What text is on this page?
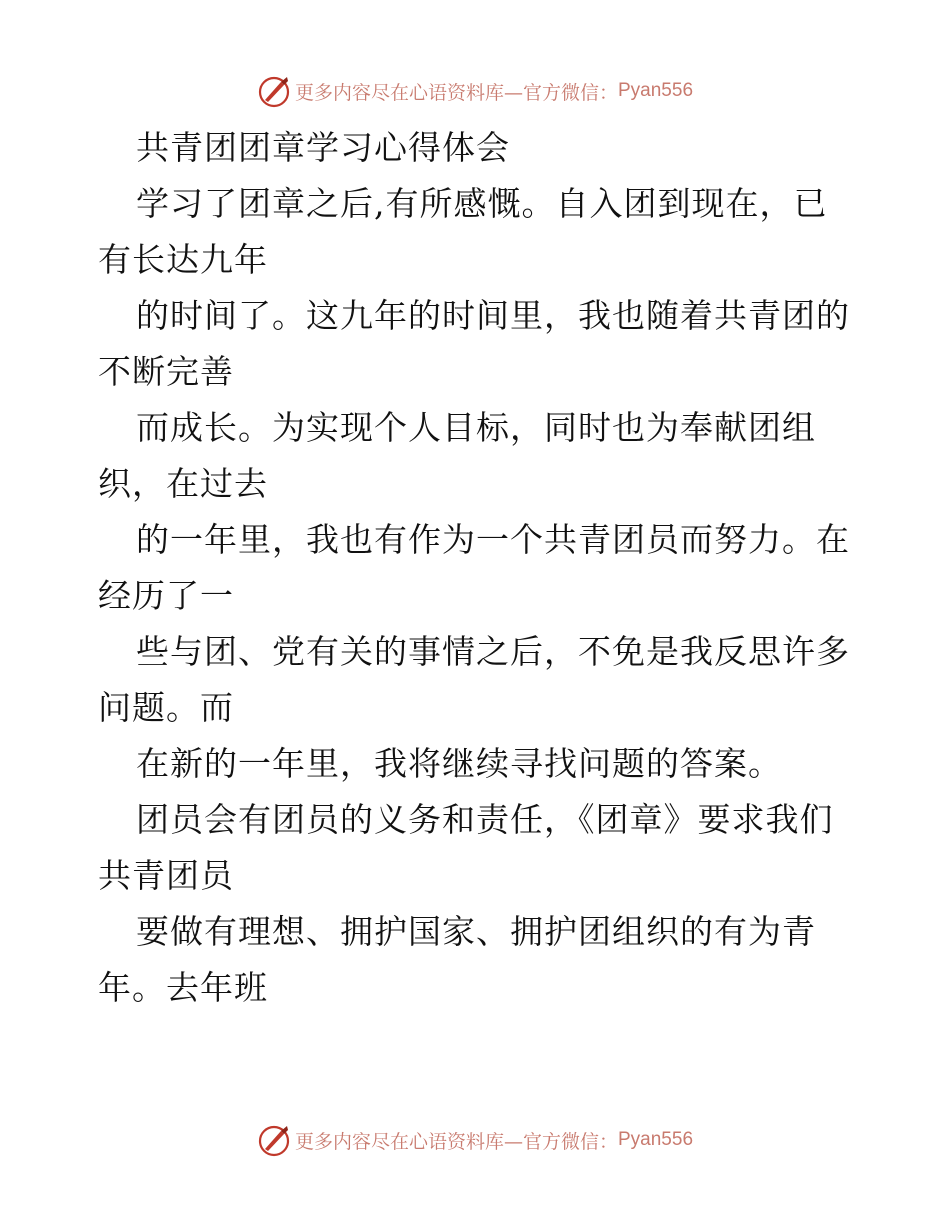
更多内容尽在心语资料库—官方微信： Pyan556
共青团团章学习心得体会
学习了团章之后,有所感慨。自入团到现在，已
有长达九年
的时间了。这九年的时间里，我也随着共青团的
不断完善
而成长。为实现个人目标，同时也为奉献团组
织，在过去
的一年里，我也有作为一个共青团员而努力。在
经历了一
些与团、党有关的事情之后，不免是我反思许多
问题。而
在新的一年里，我将继续寻找问题的答案。
团员会有团员的义务和责任，《团章》要求我们
共青团员
要做有理想、拥护国家、拥护团组织的有为青
年。去年班
更多内容尽在心语资料库—官方微信： Pyan556
